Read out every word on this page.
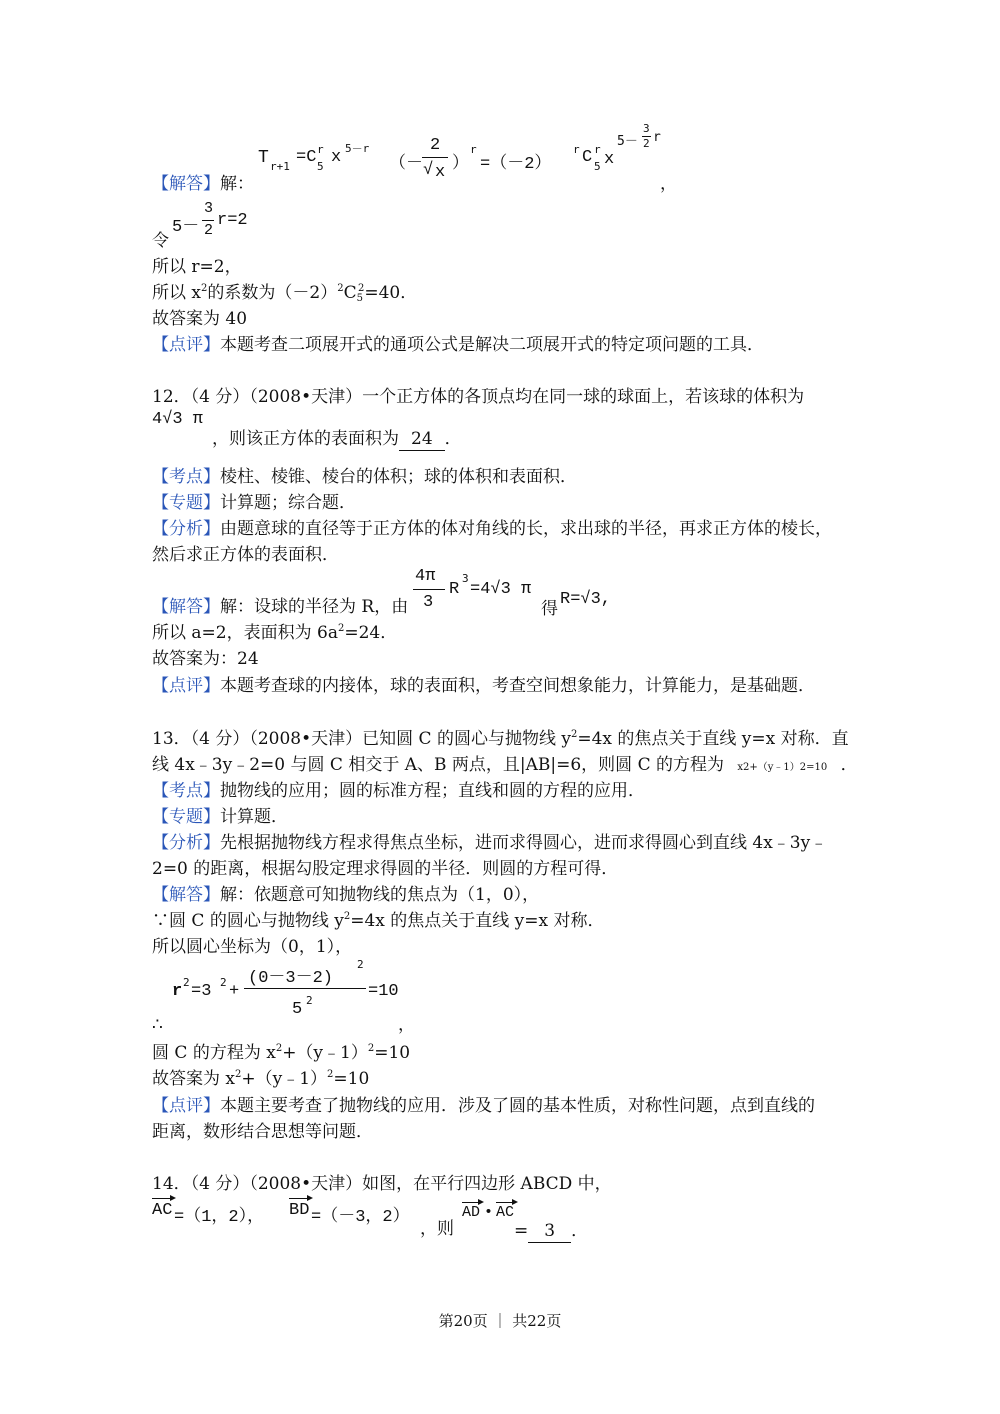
T r+1 =C r
5 x 5－r
（－
2
√ x ）
r
=（－2）
r C r
5 x
5－
3
2 r
【解答】解：	，
令
5－
3
2
r=2
所以 r=2，
所以 $x^2$的系数为$(-2)^2C_5^2=40$．
故答案为 40
【点评】本题考查二项展开式的通项公式是解决二项展开式的特定项问题的工具．
12．（4 分）（2008•天津）一个正方体的各顶点均在同一球的球面上，若该球的体积为
4√3 π
，则该正方体的表面积为 24 ．
【考点】棱柱、棱锥、棱台的体积；球的体积和表面积．
【专题】计算题；综合题．
【分析】由题意球的直径等于正方体的体对角线的长，求出球的半径，再求正方体的棱长，
然后求正方体的表面积．
【解答】解：设球的半径为 R，由
4π
3
R
3
=4√3 π
得 R=√3,
所以 a=2，表面积为 $6a^2=24$．
故答案为：24
【点评】本题考查球的内接体，球的表面积，考查空间想象能力，计算能力，是基础题．
13．（4 分）（2008•天津）已知圆 C 的圆心与抛物线 $y^2=4x$ 的焦点关于直线 y=x 对称．直
线 4x﹣3y﹣2=0 与圆 C 相交于 A、B 两点，且|AB|=6，则圆 C 的方程为 x2+（y﹣1）2=10 ．
【考点】抛物线的应用；圆的标准方程；直线和圆的方程的应用．
【专题】计算题．
【分析】先根据抛物线方程求得焦点坐标，进而求得圆心，进而求得圆心到直线 4x﹣3y﹣
2=0 的距离，根据勾股定理求得圆的半径．则圆的方程可得．
【解答】解：依题意可知抛物线的焦点为（1，0），
∵圆 C 的圆心与抛物线 $y^2=4x$ 的焦点关于直线 y=x 对称．
所以圆心坐标为（0，1），
r 2 =3 2 +
(0－3－2)
2
5 2	=10
∴	，
圆 C 的方程为 $x^2+(y﹣1)^2=10$
故答案为 $x^2+(y﹣1)^2=10$
【点评】本题主要考查了抛物线的应用．涉及了圆的基本性质，对称性问题，点到直线的
距离，数形结合思想等问题．
14．（4 分）（2008•天津）如图，在平行四边形 ABCD 中，
AC =（1，2）， BD =（－3，2）
，则
AD • AC
= 3 ．
第20页 ｜ 共22页
